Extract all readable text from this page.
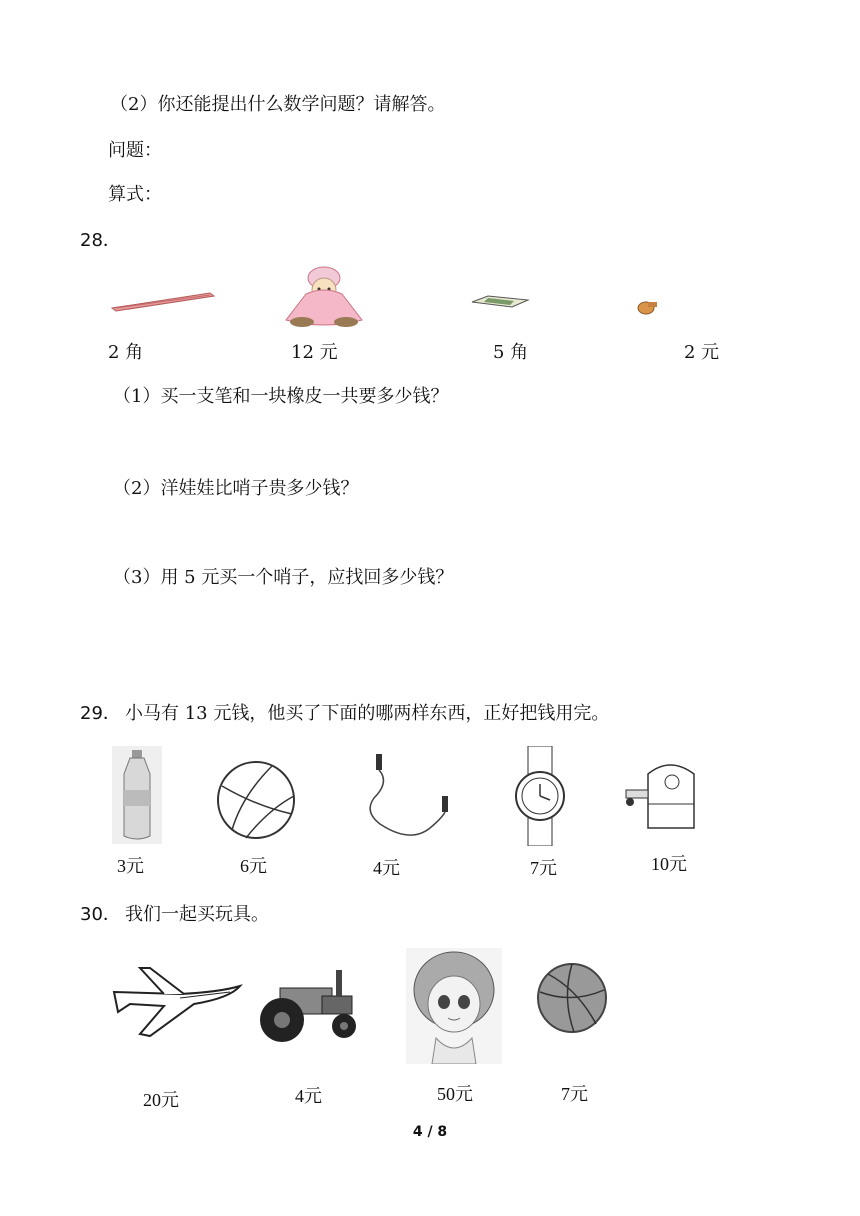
（2）你还能提出什么数学问题？请解答。
问题：
算式：
28．
2 角	12 元	5 角	2 元
（1）买一支笔和一块橡皮一共要多少钱？
（2）洋娃娃比哨子贵多少钱？
（3）用 5 元买一个哨子，应找回多少钱？
29． 小马有 13 元钱，他买了下面的哪两样东西，正好把钱用完。
3元	6元	4元	7元	10元
30． 我们一起买玩具。
20元	4元	50元	7元
4 / 8
